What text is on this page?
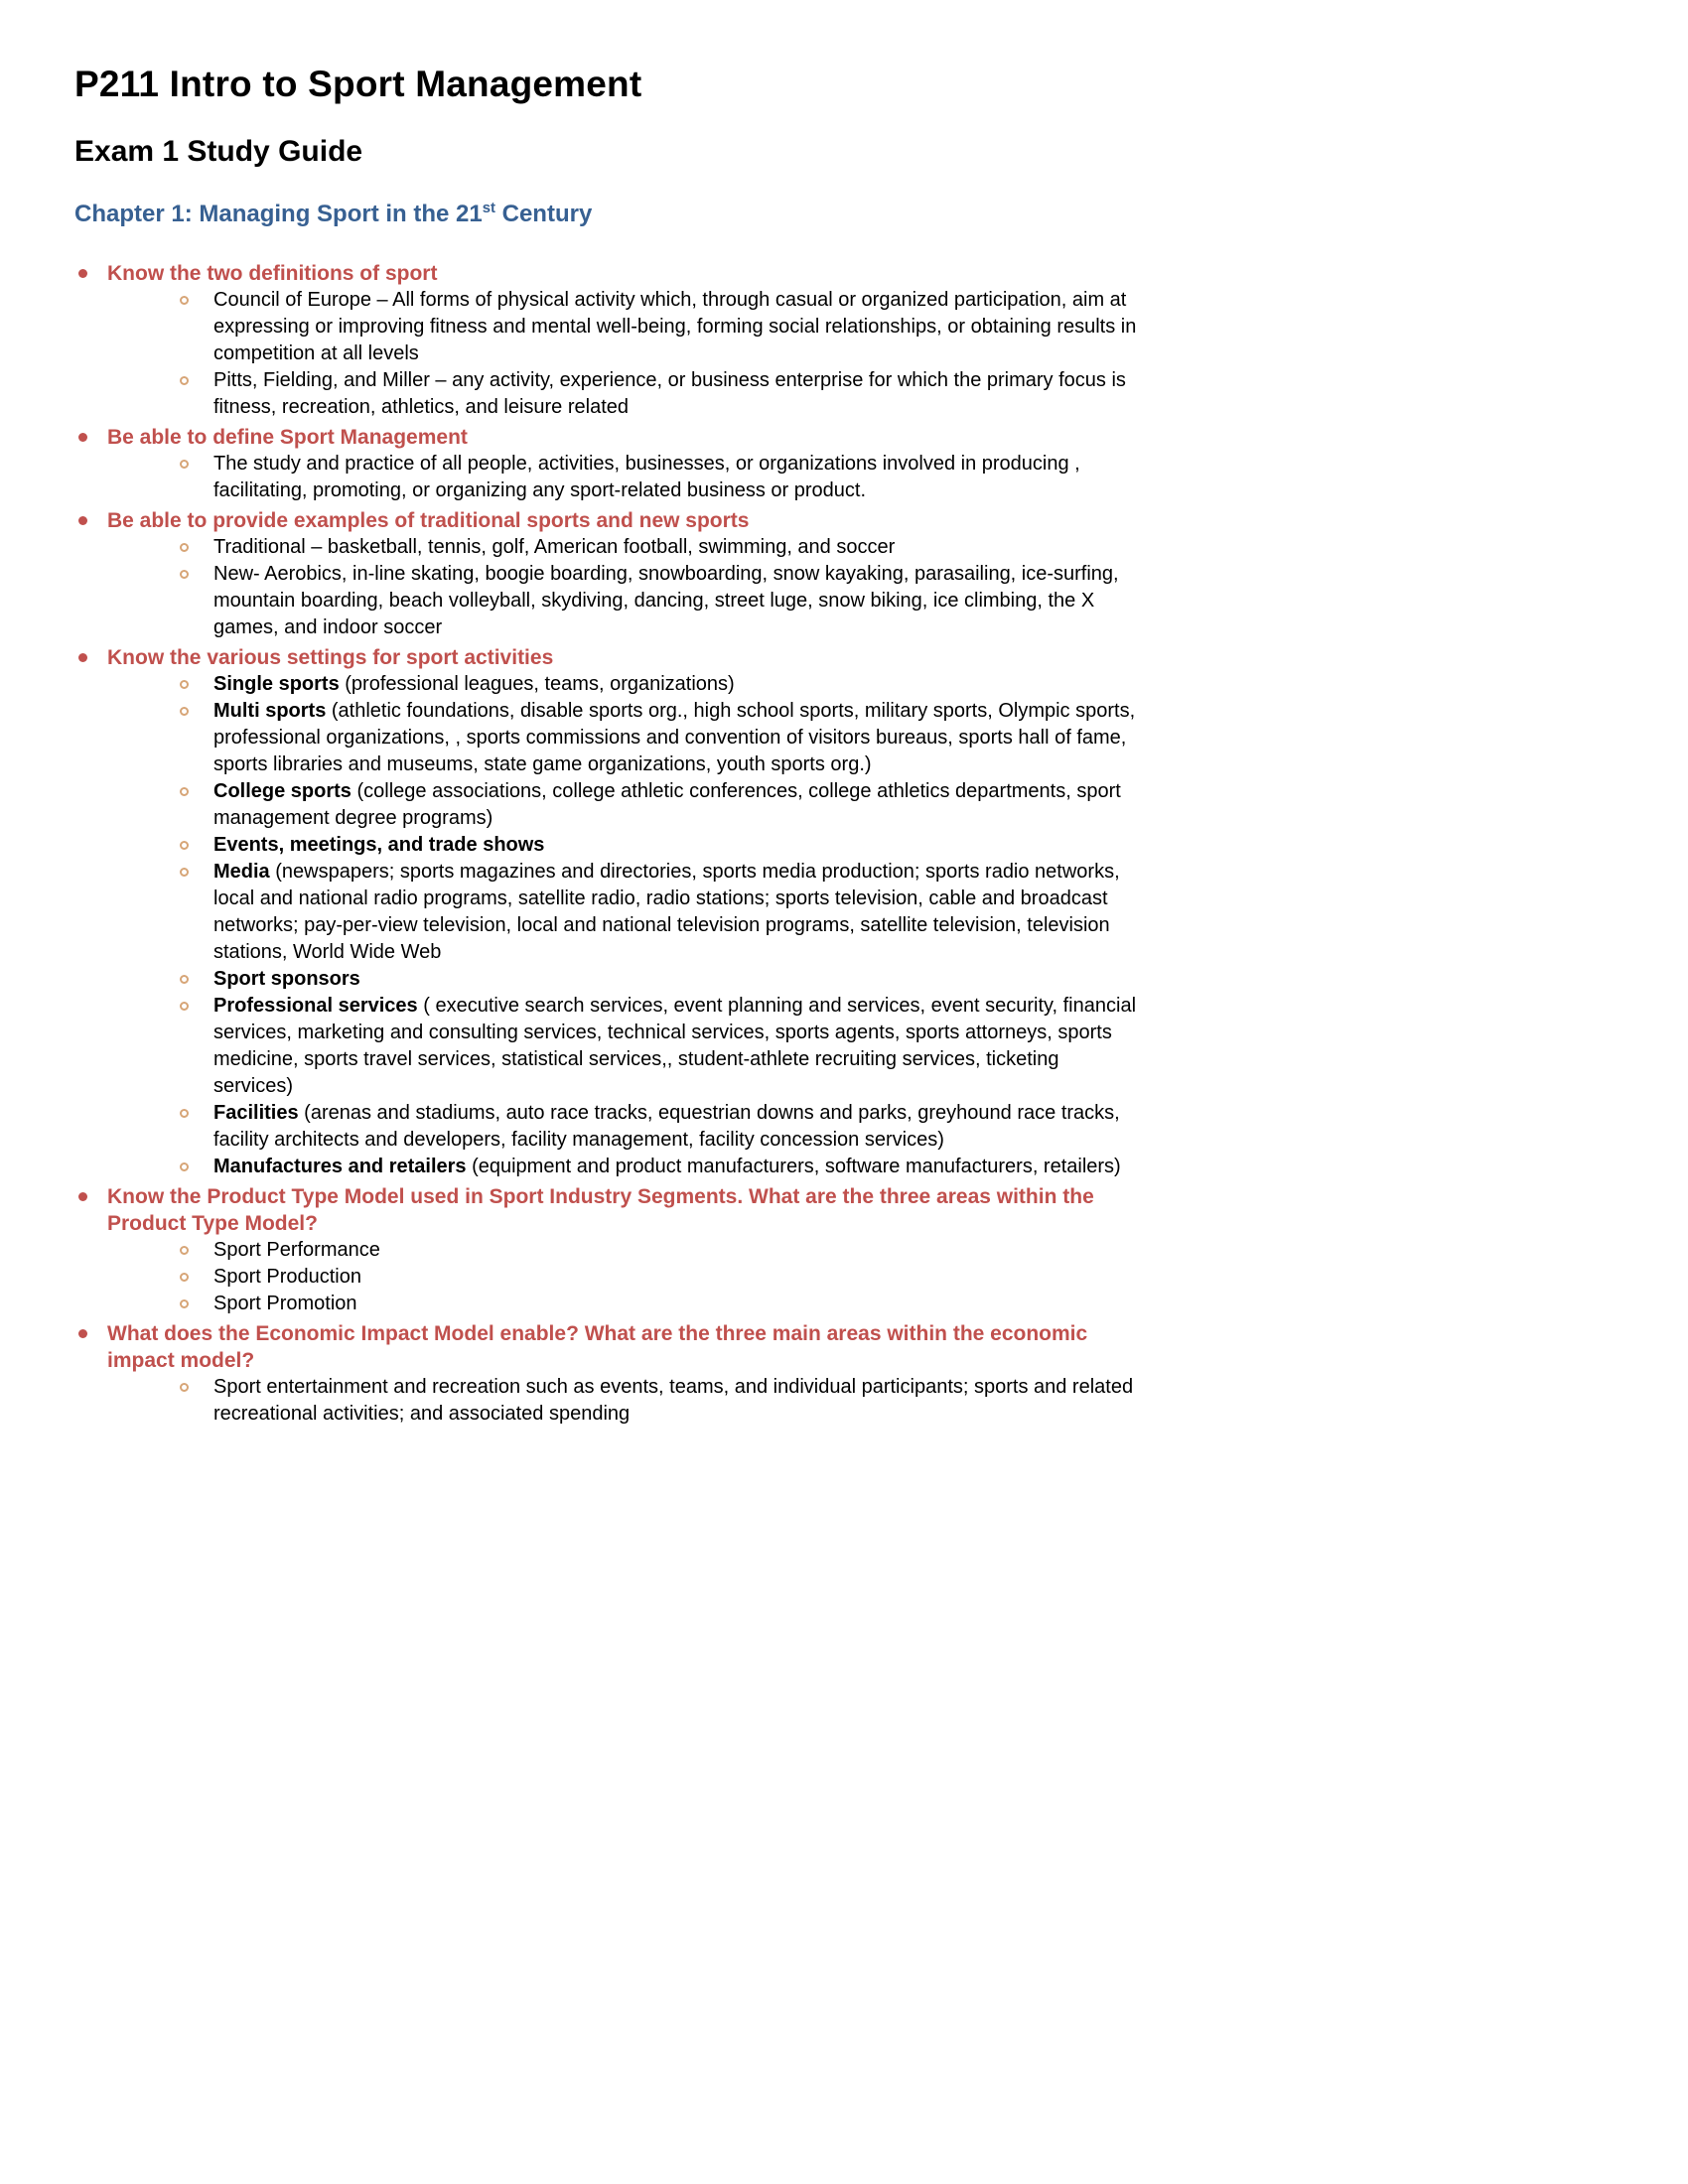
P211 Intro to Sport Management
Exam 1 Study Guide
Chapter 1: Managing Sport in the 21st Century
Know the two definitions of sport
Council of Europe – All forms of physical activity which, through casual or organized participation, aim at expressing or improving fitness and mental well-being, forming social relationships, or obtaining results in competition at all levels
Pitts, Fielding, and Miller – any activity, experience, or business enterprise for which the primary focus is fitness, recreation, athletics, and leisure related
Be able to define Sport Management
The study and practice of all people, activities, businesses, or organizations involved in producing , facilitating, promoting, or organizing any sport-related business or product.
Be able to provide examples of traditional sports and new sports
Traditional – basketball, tennis, golf, American football, swimming, and soccer
New- Aerobics, in-line skating, boogie boarding, snowboarding, snow kayaking, parasailing, ice-surfing, mountain boarding, beach volleyball, skydiving, dancing, street luge, snow biking, ice climbing, the X games, and indoor soccer
Know the various settings for sport activities
Single sports (professional leagues, teams, organizations)
Multi sports (athletic foundations, disable sports org., high school sports, military sports, Olympic sports, professional organizations, , sports commissions and convention of visitors bureaus, sports hall of fame, sports libraries and museums, state game organizations, youth sports org.)
College sports (college associations, college athletic conferences, college athletics departments, sport management degree programs)
Events, meetings, and trade shows
Media (newspapers; sports magazines and directories, sports media production; sports radio networks, local and national radio programs, satellite radio, radio stations; sports television, cable and broadcast networks; pay-per-view television, local and national television programs, satellite television, television stations, World Wide Web
Sport sponsors
Professional services ( executive search services, event planning and services, event security, financial services, marketing and consulting services, technical services, sports agents, sports attorneys, sports medicine, sports travel services, statistical services,, student-athlete recruiting services, ticketing services)
Facilities (arenas and stadiums, auto race tracks, equestrian downs and parks, greyhound race tracks, facility architects and developers, facility management, facility concession services)
Manufactures and retailers (equipment and product manufacturers, software manufacturers, retailers)
Know the Product Type Model used in Sport Industry Segments. What are the three areas within the Product Type Model?
Sport Performance
Sport Production
Sport Promotion
What does the Economic Impact Model enable? What are the three main areas within the economic impact model?
Sport entertainment and recreation such as events, teams, and individual participants; sports and related recreational activities; and associated spending
